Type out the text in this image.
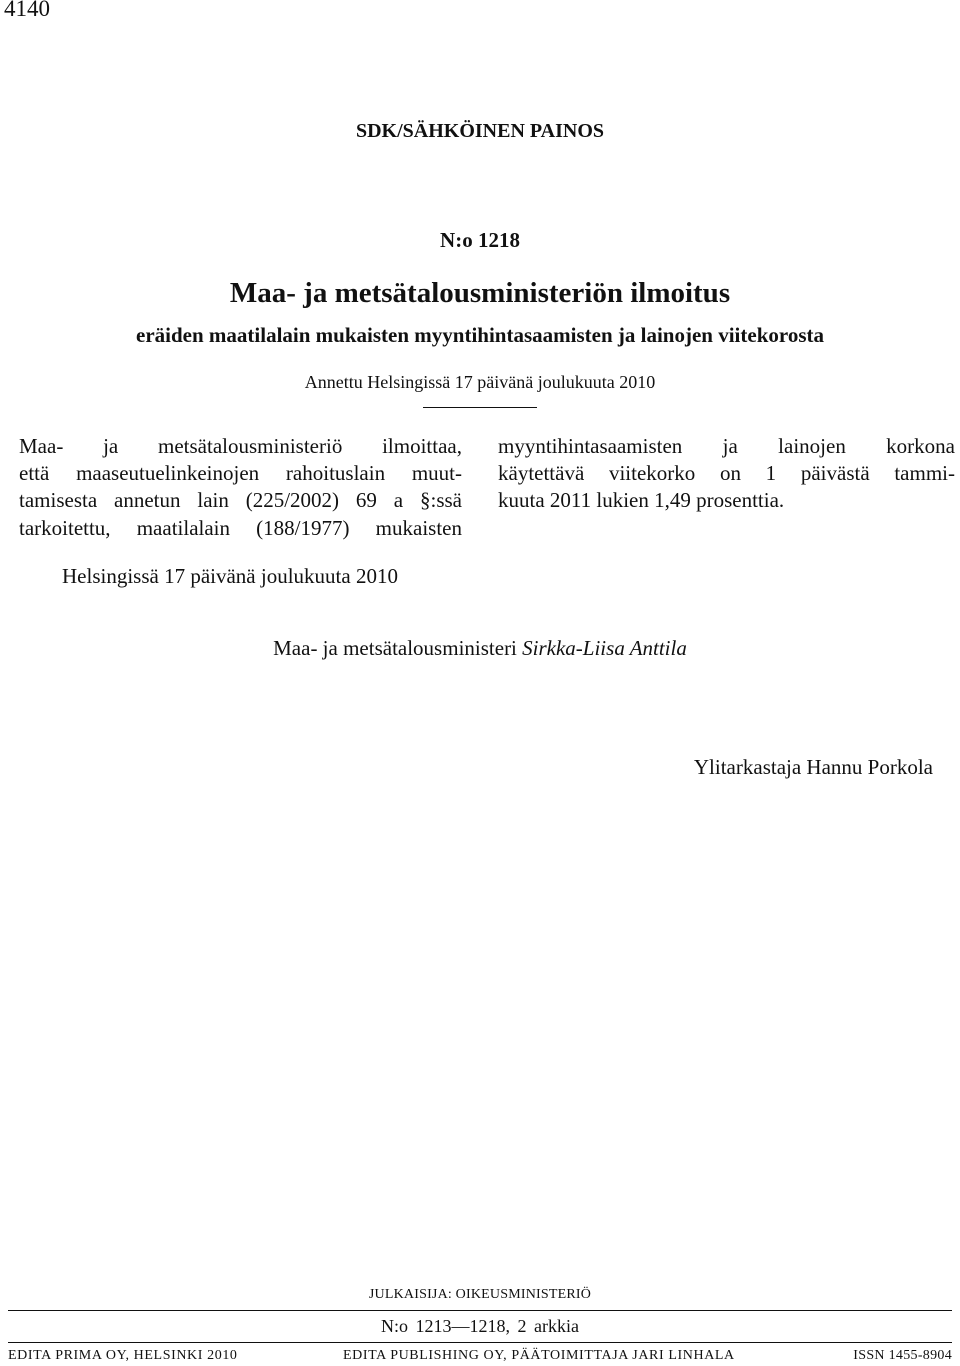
4140
SDK/SÄHKÖINEN PAINOS
N:o 1218
Maa- ja metsätalousministeriön ilmoitus
eräiden maatilalain mukaisten myyntihintasaamisten ja lainojen viitekorosta
Annettu Helsingissä 17 päivänä joulukuuta 2010
Maa- ja metsätalousministeriö ilmoittaa,
että maaseutuelinkeinojen rahoituslain muut-
tamisesta annetun lain (225/2002) 69 a §:ssä
tarkoitettu, maatilalain (188/1977) mukaisten
myyntihintasaamisten ja lainojen korkona
käytettävä viitekorko on 1 päivästä tammi-
kuuta 2011 lukien 1,49 prosenttia.
Helsingissä 17 päivänä joulukuuta 2010
Maa- ja metsätalousministeri Sirkka-Liisa Anttila
Ylitarkastaja Hannu Porkola
JULKAISIJA: OIKEUSMINISTERIÖ
N:o 1213—1218, 2 arkkia
EDITA PRIMA OY, HELSINKI 2010	EDITA PUBLISHING OY, PÄÄTOIMITTAJA JARI LINHALA	ISSN 1455-8904
